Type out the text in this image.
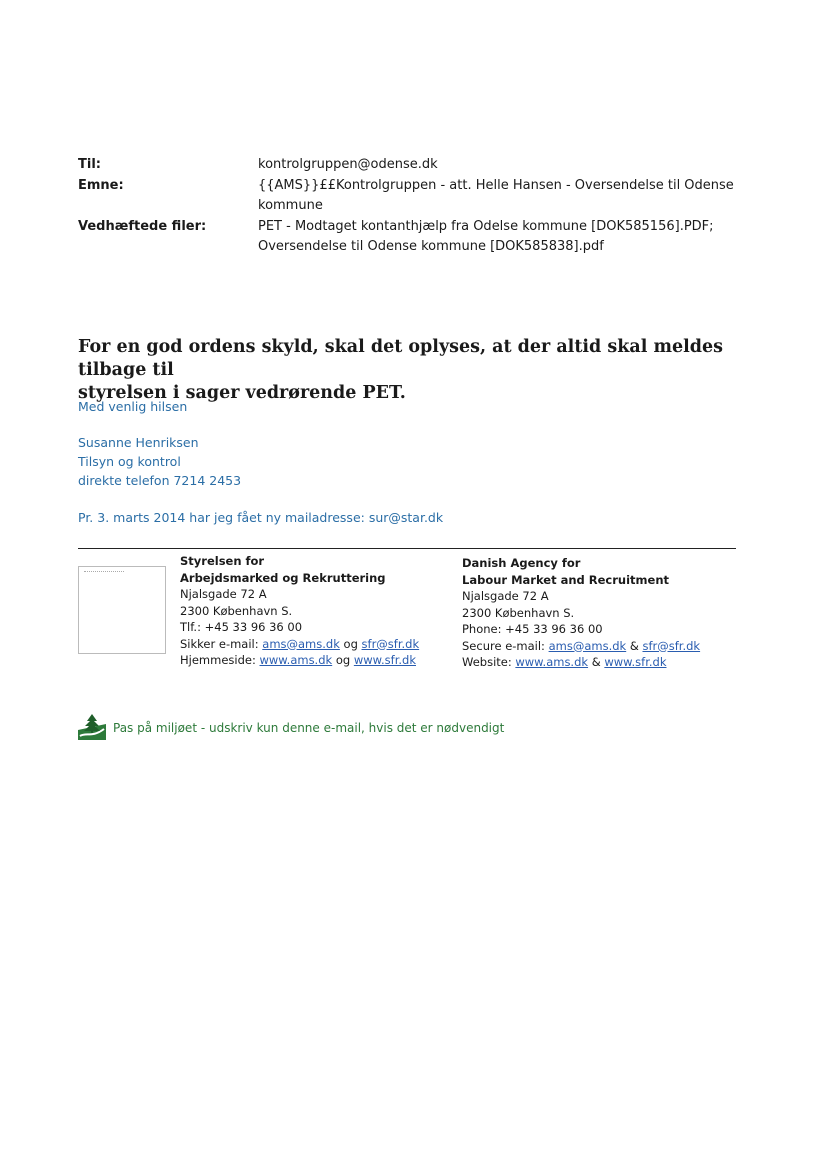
Til:	kontrolgruppen@odense.dk
Emne:	{{AMS}}££Kontrolgruppen - att. Helle Hansen - Oversendelse til Odense
kommune
Vedhæftede filer:	PET - Modtaget kontanthjælp fra Odelse kommune [DOK585156].PDF;
Oversendelse til Odense kommune [DOK585838].pdf
For en god ordens skyld, skal det oplyses, at der altid skal meldes tilbage til
styrelsen i sager vedrørende PET.
Med venlig hilsen
Susanne Henriksen
Tilsyn og kontrol
direkte telefon 7214 2453
Pr. 3. marts 2014 har jeg fået ny mailadresse: sur@star.dk
Styrelsen for
Arbejdsmarked og Rekruttering
Njalsgade 72 A
2300 København S.
Tlf.: +45 33 96 36 00
Sikker e-mail: ams@ams.dk og sfr@sfr.dk
Hjemmeside: www.ams.dk og www.sfr.dk
Danish Agency for
Labour Market and Recruitment
Njalsgade 72 A
2300 København S.
Phone: +45 33 96 36 00
Secure e-mail: ams@ams.dk & sfr@sfr.dk
Website: www.ams.dk & www.sfr.dk
Pas på miljøet - udskriv kun denne e-mail, hvis det er nødvendigt
